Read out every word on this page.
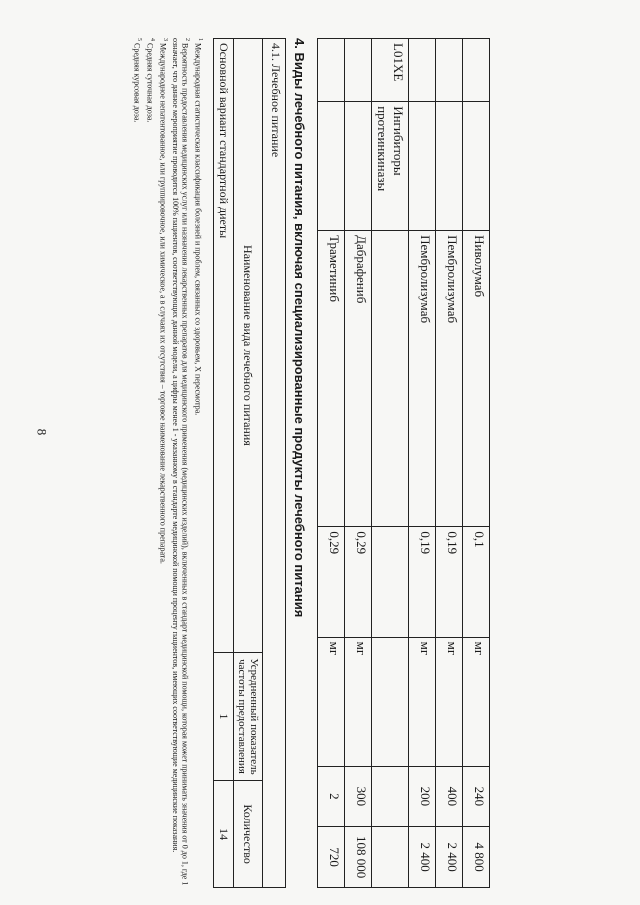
8
		Ниволумаб	0,1	мг	240	4 800
		Пембролизумаб	0,19	мг	400	2 400
		Пембролизумаб	0,19	мг	200	2 400
L01XE	Ингибиторы протеинкиназы					
		Дабрафениб	0,29	мг	300	108 000
		Траметиниб	0,29	мг	2	720
4. Виды лечебного питания, включая специализированные продукты лечебного питания
4.1. Лечебное питание		
Наименование вида лечебного питания	Усредненный показатель частоты предоставления	Количество
Основной вариант стандартной диеты	1	14

$^1$ Международная статистическая классификация болезней и проблем, связанных со здоровьем, X пересмотра.

$^2$ Вероятность предоставления медицинских услуг или назначения лекарственных препаратов для медицинского применения (медицинских изделий), включенных в стандарт медицинской помощи, которая может принимать значения от 0 до 1, где 1 означает, что данное мероприятие проводится 100% пациентов, соответствующих данной модели, а цифры менее 1 - указанному в стандарте медицинской помощи проценту пациентов, имеющих соответствующие медицинские показания.

$^3$ Международное непатентованное, или группировочное, или химическое, а в случаях их отсутствия – торговое наименование лекарственного препарата.

$^4$ Средняя суточная доза.

$^5$ Средняя курсовая доза.
